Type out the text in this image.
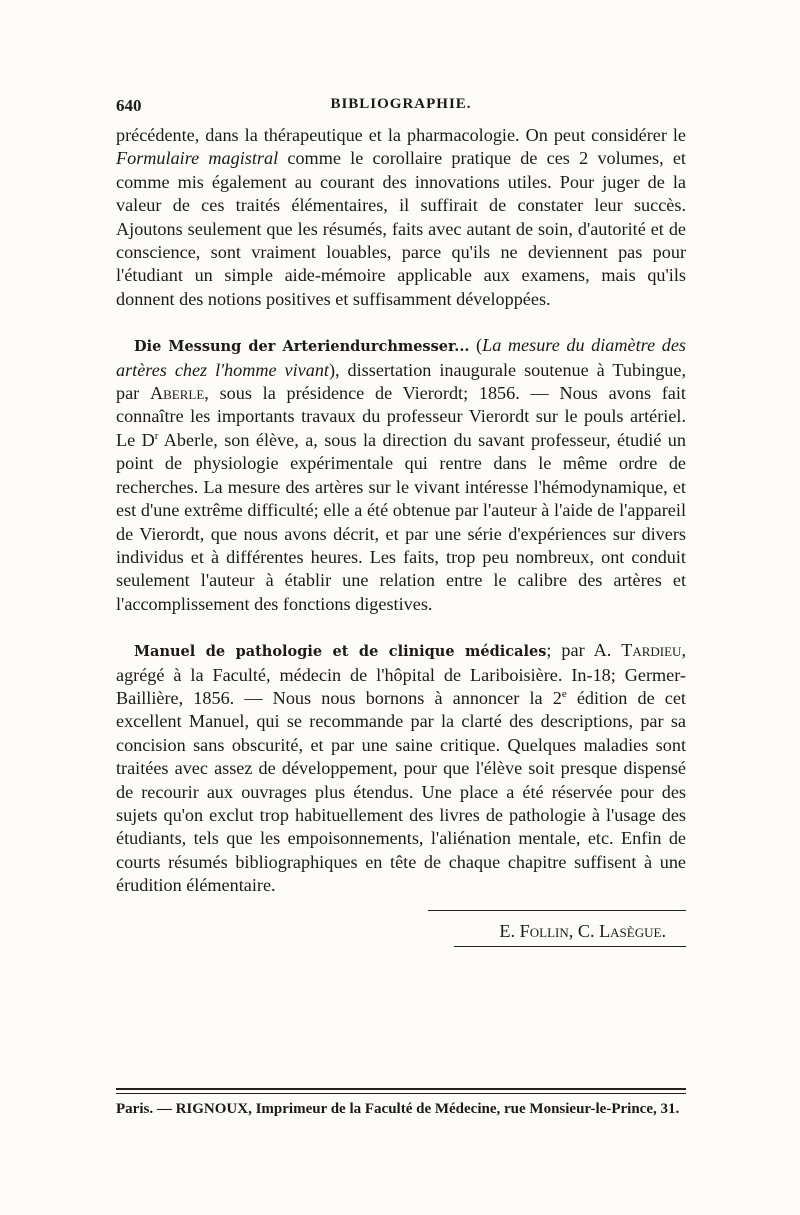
640	BIBLIOGRAPHIE.

précédente, dans la thérapeutique et la pharmacologie. On peut considérer le Formulaire magistral comme le corollaire pratique de ces 2 volumes, et comme mis également au courant des innovations utiles. Pour juger de la valeur de ces traités élémentaires, il suffirait de constater leur succès. Ajoutons seulement que les résumés, faits avec autant de soin, d'autorité et de conscience, sont vraiment louables, parce qu'ils ne deviennent pas pour l'étudiant un simple aide-mémoire applicable aux examens, mais qu'ils donnent des notions positives et suffisamment développées.

Die Messung der Arteriendurchmesser... (La mesure du diamètre des artères chez l'homme vivant), dissertation inaugurale soutenue à Tubingue, par Aberle, sous la présidence de Vierordt; 1856. — Nous avons fait connaître les importants travaux du professeur Vierordt sur le pouls artériel. Le $D^r$ Aberle, son élève, a, sous la direction du savant professeur, étudié un point de physiologie expérimentale qui rentre dans le même ordre de recherches. La mesure des artères sur le vivant intéresse l'hémodynamique, et est d'une extrême difficulté; elle a été obtenue par l'auteur à l'aide de l'appareil de Vierordt, que nous avons décrit, et par une série d'expériences sur divers individus et à différentes heures. Les faits, trop peu nombreux, ont conduit seulement l'auteur à établir une relation entre le calibre des artères et l'accomplissement des fonctions digestives.

Manuel de pathologie et de clinique médicales; par A. Tardieu, agrégé à la Faculté, médecin de l'hôpital de Lariboisière. In-18; Germer-Baillière, 1856. — Nous nous bornons à annoncer la 2e édition de cet excellent Manuel, qui se recommande par la clarté des descriptions, par sa concision sans obscurité, et par une saine critique. Quelques maladies sont traitées avec assez de développement, pour que l'élève soit presque dispensé de recourir aux ouvrages plus étendus. Une place a été réservée pour des sujets qu'on exclut trop habituellement des livres de pathologie à l'usage des étudiants, tels que les empoisonnements, l'aliénation mentale, etc. Enfin de courts résumés bibliographiques en tête de chaque chapitre suffisent à une érudition élémentaire.

E. Follin, C. Lasègue.
Paris. — RIGNOUX, Imprimeur de la Faculté de Médecine, rue Monsieur-le-Prince, 31.
